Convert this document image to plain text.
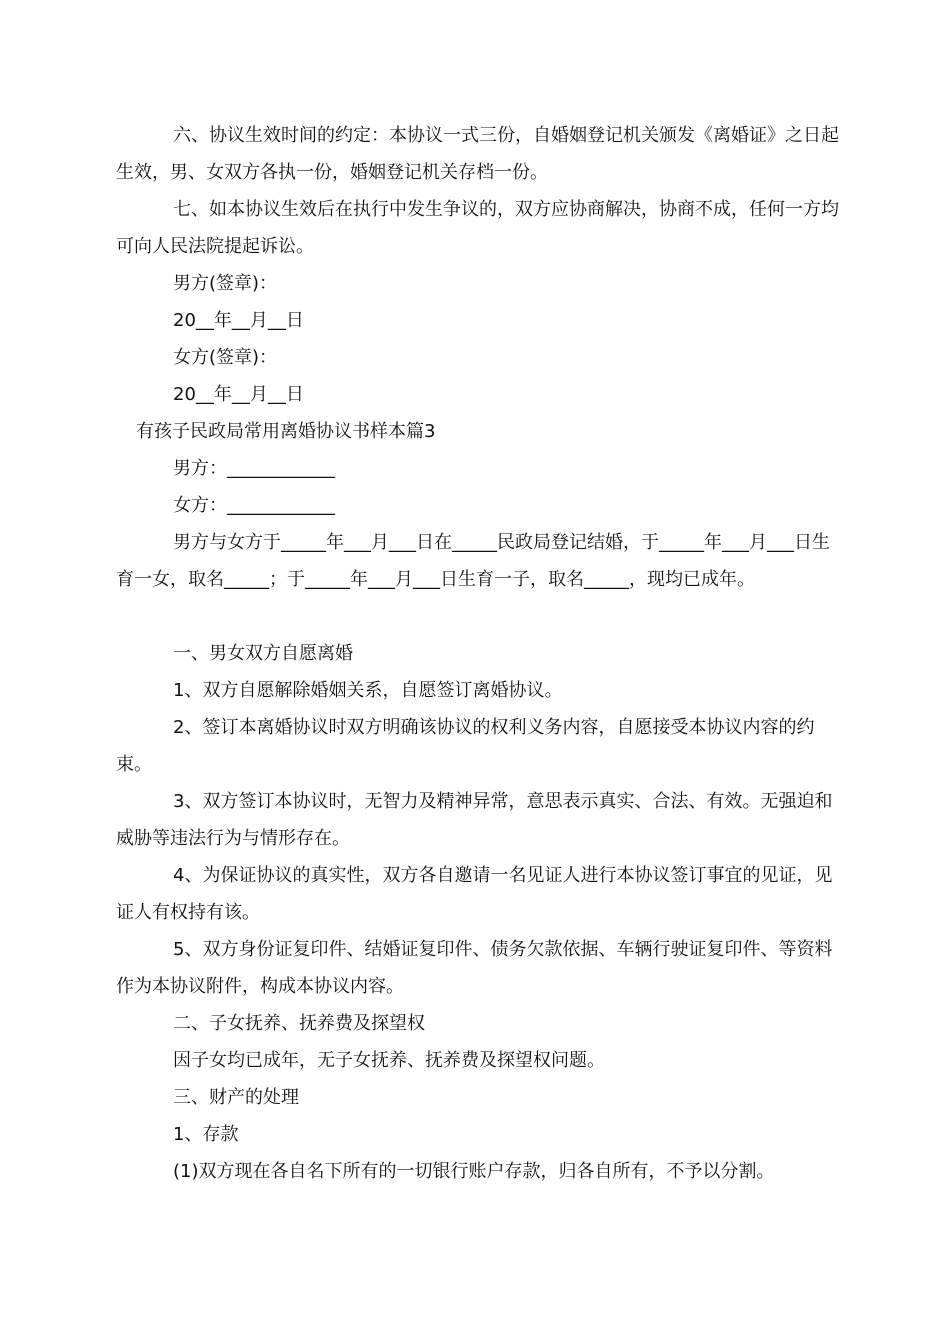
六、协议生效时间的约定：本协议一式三份，自婚姻登记机关颁发《离婚证》之日起生效，男、女双方各执一份，婚姻登记机关存档一份。

七、如本协议生效后在执行中发生争议的，双方应协商解决，协商不成，任何一方均可向人民法院提起诉讼。

男方(签章)：

20__年__月__日

女方(签章)：

20__年__月__日

有孩子民政局常用离婚协议书样本篇3

男方：____________

女方：____________

男方与女方于_____年___月___日在_____民政局登记结婚，于_____年___月___日生育一女，取名_____；于_____年___月___日生育一子，取名_____，现均已成年。

一、男女双方自愿离婚

1、双方自愿解除婚姻关系，自愿签订离婚协议。

2、签订本离婚协议时双方明确该协议的权利义务内容，自愿接受本协议内容的约束。

3、双方签订本协议时，无智力及精神异常，意思表示真实、合法、有效。无强迫和威胁等违法行为与情形存在。

4、为保证协议的真实性，双方各自邀请一名见证人进行本协议签订事宜的见证，见证人有权持有该。

5、双方身份证复印件、结婚证复印件、债务欠款依据、车辆行驶证复印件、等资料作为本协议附件，构成本协议内容。

二、子女抚养、抚养费及探望权

因子女均已成年，无子女抚养、抚养费及探望权问题。

三、财产的处理

1、存款

(1)双方现在各自名下所有的一切银行账户存款，归各自所有，不予以分割。
